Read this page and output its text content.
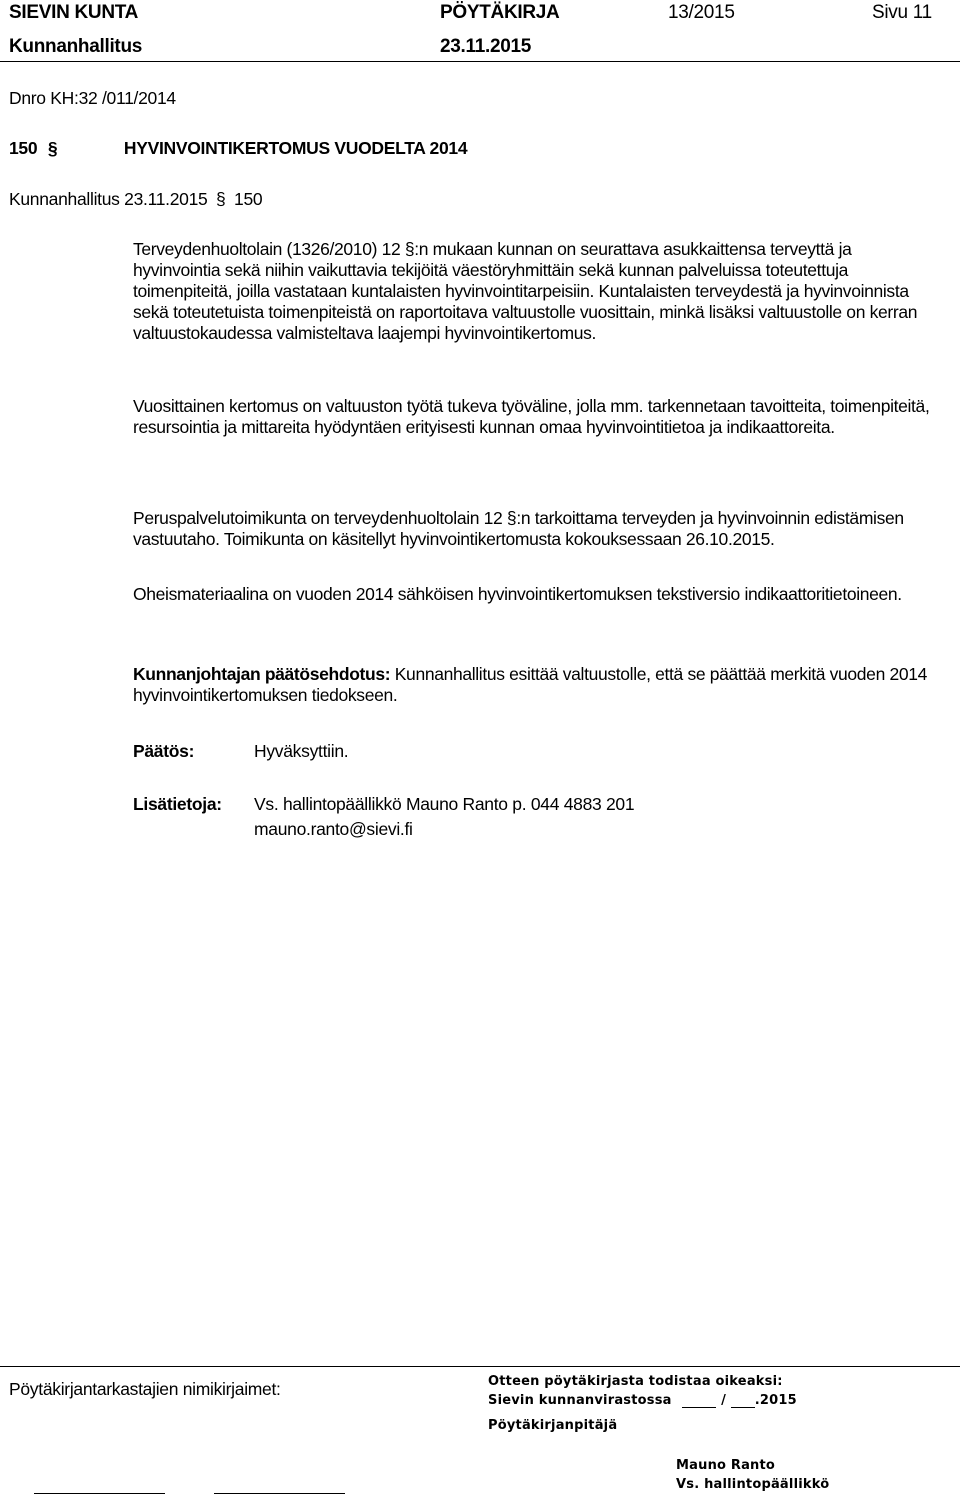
SIEVIN KUNTA	PÖYTÄKIRJA	13/2015	Sivu 11
Kunnanhallitus	23.11.2015
Dnro KH:32 /011/2014
150 §	HYVINVOINTIKERTOMUS VUODELTA 2014
Kunnanhallitus 23.11.2015 § 150

Terveydenhuoltolain (1326/2010) 12 §:n mukaan kunnan on seurattava asukkaittensa terveyttä ja hyvinvointia sekä niihin vaikuttavia tekijöitä väestöryhmittäin sekä kunnan palveluissa toteutettuja toimenpiteitä, joilla vastataan kuntalaisten hyvinvointitarpeisiin. Kuntalaisten terveydestä ja hyvinvoinnista sekä toteutetuista toimenpiteistä on raportoitava valtuustolle vuosittain, minkä lisäksi valtuustolle on kerran valtuustokaudessa valmisteltava laajempi hyvinvointikertomus.

Vuosittainen kertomus on valtuuston työtä tukeva työväline, jolla mm. tarkennetaan tavoitteita, toimenpiteitä, resursointia ja mittareita hyödyntäen erityisesti kunnan omaa hyvinvointitietoa ja indikaattoreita.

Peruspalvelutoimikunta on terveydenhuoltolain 12 §:n tarkoittama terveyden ja hyvinvoinnin edistämisen vastuutaho. Toimikunta on käsitellyt hyvinvointikertomusta kokouksessaan 26.10.2015.

Oheismateriaalina on vuoden 2014 sähköisen hyvinvointikertomuksen tekstiversio indikaattoritietoineen.

Kunnanjohtajan päätösehdotus: Kunnanhallitus esittää valtuustolle, että se päättää merkitä vuoden 2014 hyvinvointikertomuksen tiedokseen.

Päätös:	Hyväksyttiin.
Lisätietoja: Vs. hallintopäällikkö Mauno Ranto p. 044 4883 201
mauno.ranto@sievi.fi
Pöytäkirjantarkastajien nimikirjaimet:	Otteen pöytäkirjasta todistaa oikeaksi:
Sievin kunnanvirastossa	/ .2015
Pöytäkirjanpitäjä
Mauno Ranto
Vs. hallintopäällikkö
